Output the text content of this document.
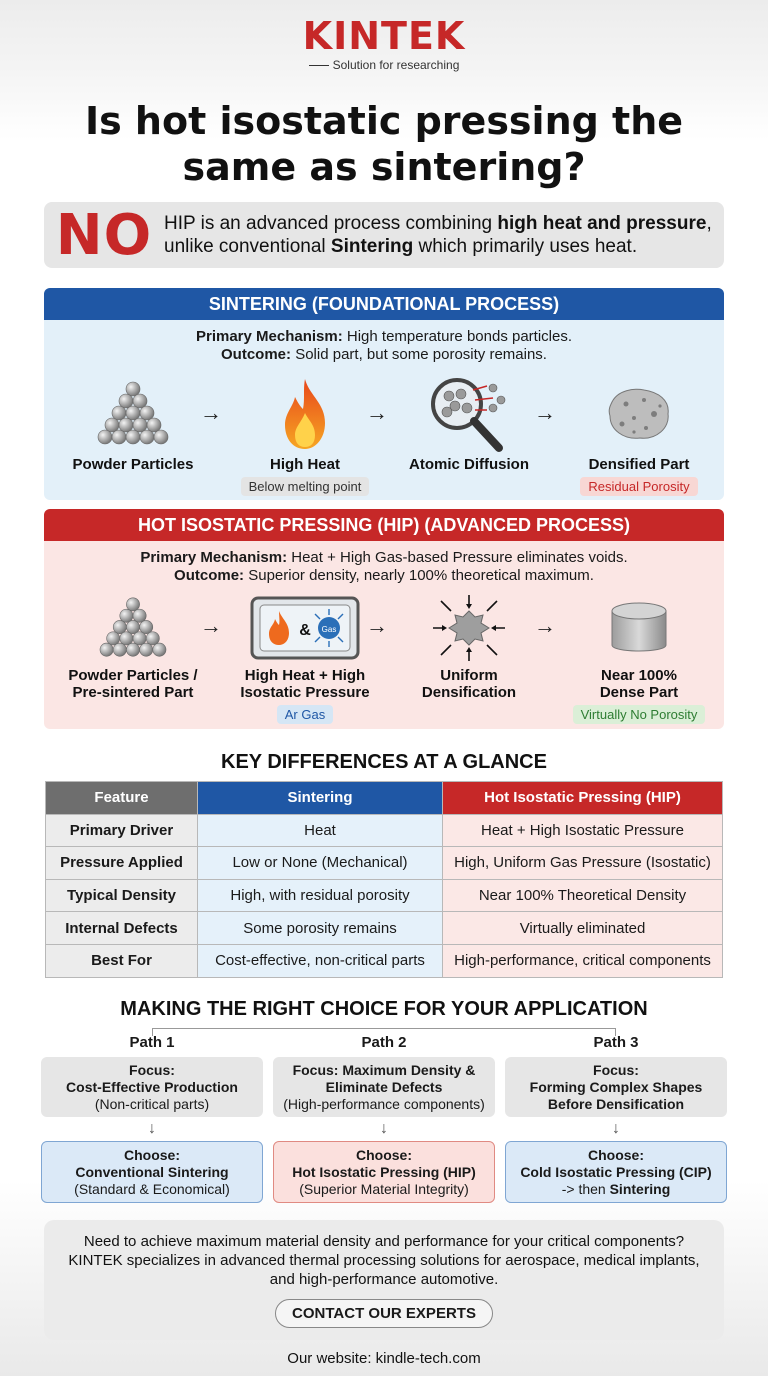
KINTEK
Solution for researching
Is hot isostatic pressing the
same as sintering?
NO HIP is an advanced process combining high heat and pressure,
unlike conventional Sintering which primarily uses heat.
SINTERING (FOUNDATIONAL PROCESS)
Primary Mechanism: High temperature bonds particles.
Outcome: Solid part, but some porosity remains.
Powder Particles
→
High Heat
Below melting point
→
Atomic Diffusion
→
Densified Part
Residual Porosity
HOT ISOSTATIC PRESSING (HIP) (ADVANCED PROCESS)
Primary Mechanism: Heat + High Gas-based Pressure eliminates voids.
Outcome: Superior density, nearly 100% theoretical maximum.
Powder Particles /
Pre-sintered Part
→	& Gas
High Heat + High
Isostatic Pressure
Ar Gas
→
Uniform
Densification
→
Near 100%
Dense Part
Virtually No Porosity
KEY DIFFERENCES AT A GLANCE
Feature	Sintering	Hot Isostatic Pressing (HIP)
Primary Driver	Heat	Heat + High Isostatic Pressure
Pressure Applied	Low or None (Mechanical)	High, Uniform Gas Pressure (Isostatic)
Typical Density	High, with residual porosity	Near 100% Theoretical Density
Internal Defects	Some porosity remains	Virtually eliminated
Best For	Cost-effective, non-critical parts	High-performance, critical components
MAKING THE RIGHT CHOICE FOR YOUR APPLICATION
Path 1
Focus:
Cost-Effective Production
(Non-critical parts)
↓
Choose:
Conventional Sintering
(Standard & Economical)
Path 2
Focus: Maximum Density &
Eliminate Defects
(High-performance components)
↓
Choose:
Hot Isostatic Pressing (HIP)
(Superior Material Integrity)
Path 3
Focus:
Forming Complex Shapes
Before Densification
↓
Choose:
Cold Isostatic Pressing (CIP)
-> then Sintering
Need to achieve maximum material density and performance for your critical components? KINTEK specializes in advanced thermal processing solutions for aerospace, medical implants, and high-performance automotive.
CONTACT OUR EXPERTS
Our website: kindle-tech.com
